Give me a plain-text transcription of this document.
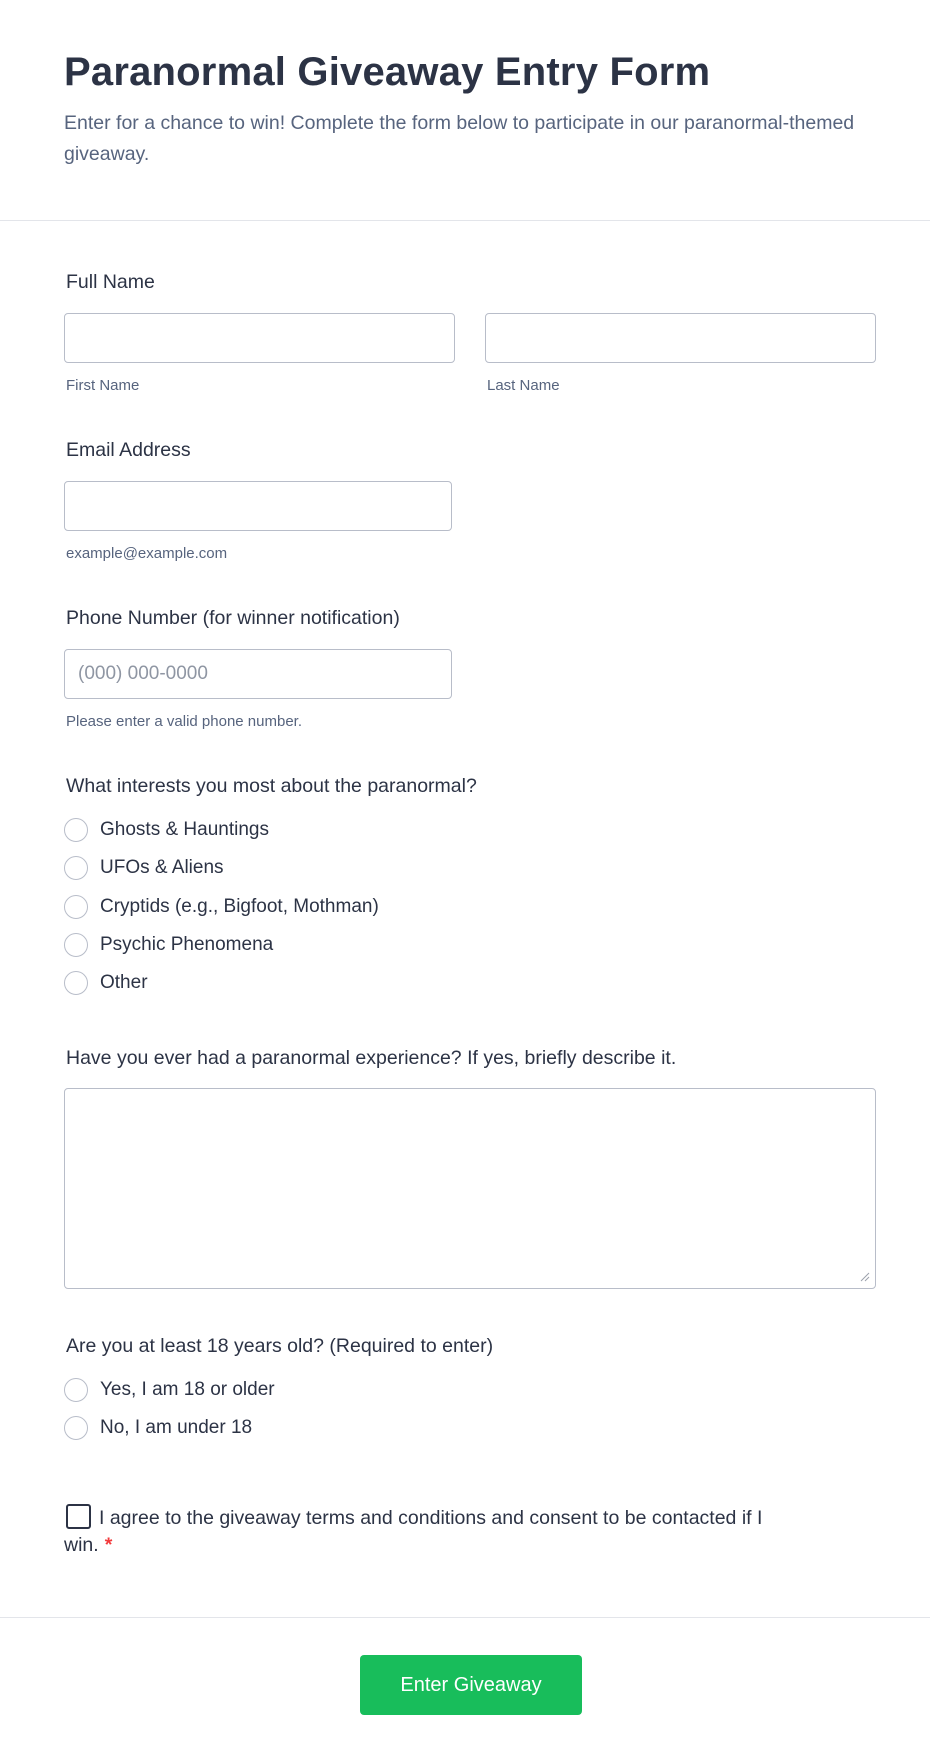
Paranormal Giveaway Entry Form

Enter for a chance to win! Complete the form below to participate in our paranormal-themed giveaway.

Full Name
First Name	Last Name
Email Address
example@example.com
Phone Number (for winner notification)
(000) 000-0000
Please enter a valid phone number.
What interests you most about the paranormal?
Ghosts & Hauntings
UFOs & Aliens
Cryptids (e.g., Bigfoot, Mothman)
Psychic Phenomena
Other
Have you ever had a paranormal experience? If yes, briefly describe it.
Are you at least 18 years old? (Required to enter)
Yes, I am 18 or older
No, I am under 18
I agree to the giveaway terms and conditions and consent to be contacted if I win. *
Enter Giveaway
